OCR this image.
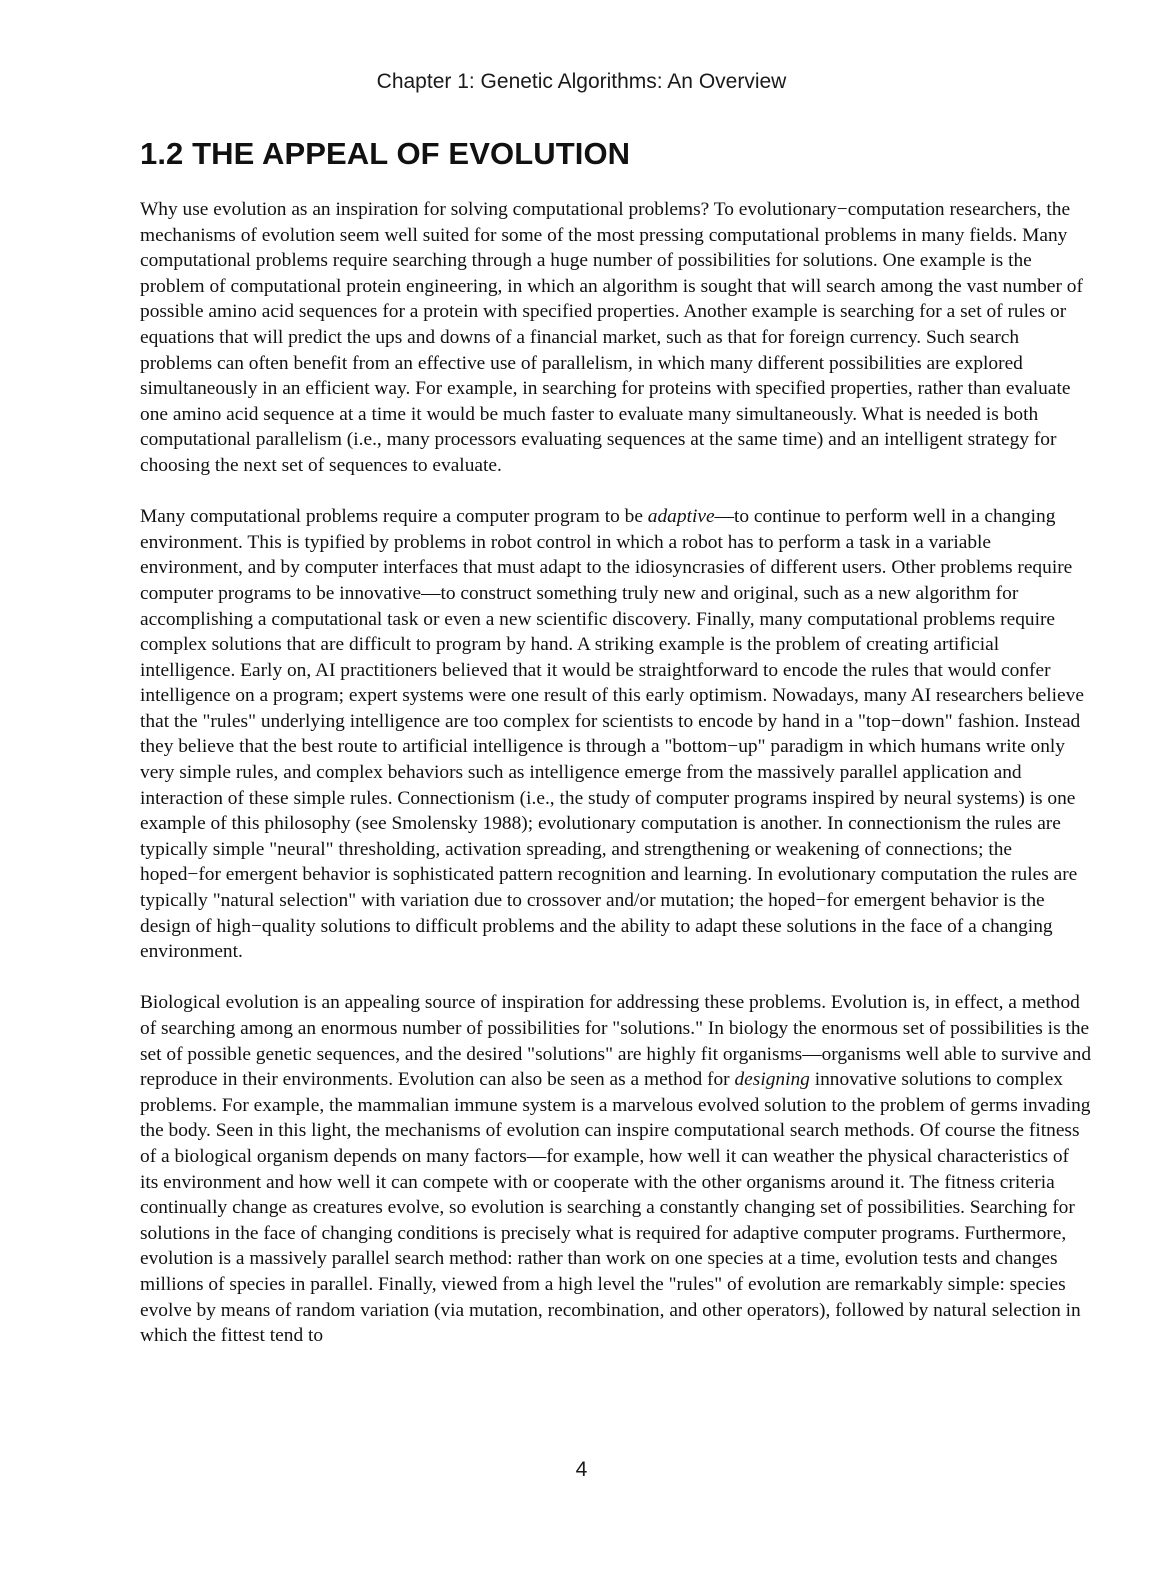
Chapter 1: Genetic Algorithms: An Overview
1.2 THE APPEAL OF EVOLUTION

Why use evolution as an inspiration for solving computational problems? To evolutionary−computation researchers, the mechanisms of evolution seem well suited for some of the most pressing computational problems in many fields. Many computational problems require searching through a huge number of possibilities for solutions. One example is the problem of computational protein engineering, in which an algorithm is sought that will search among the vast number of possible amino acid sequences for a protein with specified properties. Another example is searching for a set of rules or equations that will predict the ups and downs of a financial market, such as that for foreign currency. Such search problems can often benefit from an effective use of parallelism, in which many different possibilities are explored simultaneously in an efficient way. For example, in searching for proteins with specified properties, rather than evaluate one amino acid sequence at a time it would be much faster to evaluate many simultaneously. What is needed is both computational parallelism (i.e., many processors evaluating sequences at the same time) and an intelligent strategy for choosing the next set of sequences to evaluate.

Many computational problems require a computer program to be adaptive—to continue to perform well in a changing environment. This is typified by problems in robot control in which a robot has to perform a task in a variable environment, and by computer interfaces that must adapt to the idiosyncrasies of different users. Other problems require computer programs to be innovative—to construct something truly new and original, such as a new algorithm for accomplishing a computational task or even a new scientific discovery. Finally, many computational problems require complex solutions that are difficult to program by hand. A striking example is the problem of creating artificial intelligence. Early on, AI practitioners believed that it would be straightforward to encode the rules that would confer intelligence on a program; expert systems were one result of this early optimism. Nowadays, many AI researchers believe that the "rules" underlying intelligence are too complex for scientists to encode by hand in a "top−down" fashion. Instead they believe that the best route to artificial intelligence is through a "bottom−up" paradigm in which humans write only very simple rules, and complex behaviors such as intelligence emerge from the massively parallel application and interaction of these simple rules. Connectionism (i.e., the study of computer programs inspired by neural systems) is one example of this philosophy (see Smolensky 1988); evolutionary computation is another. In connectionism the rules are typically simple "neural" thresholding, activation spreading, and strengthening or weakening of connections; the hoped−for emergent behavior is sophisticated pattern recognition and learning. In evolutionary computation the rules are typically "natural selection" with variation due to crossover and/or mutation; the hoped−for emergent behavior is the design of high−quality solutions to difficult problems and the ability to adapt these solutions in the face of a changing environment.

Biological evolution is an appealing source of inspiration for addressing these problems. Evolution is, in effect, a method of searching among an enormous number of possibilities for "solutions." In biology the enormous set of possibilities is the set of possible genetic sequences, and the desired "solutions" are highly fit organisms—organisms well able to survive and reproduce in their environments. Evolution can also be seen as a method for designing innovative solutions to complex problems. For example, the mammalian immune system is a marvelous evolved solution to the problem of germs invading the body. Seen in this light, the mechanisms of evolution can inspire computational search methods. Of course the fitness of a biological organism depends on many factors—for example, how well it can weather the physical characteristics of its environment and how well it can compete with or cooperate with the other organisms around it. The fitness criteria continually change as creatures evolve, so evolution is searching a constantly changing set of possibilities. Searching for solutions in the face of changing conditions is precisely what is required for adaptive computer programs. Furthermore, evolution is a massively parallel search method: rather than work on one species at a time, evolution tests and changes millions of species in parallel. Finally, viewed from a high level the "rules" of evolution are remarkably simple: species evolve by means of random variation (via mutation, recombination, and other operators), followed by natural selection in which the fittest tend to

4
